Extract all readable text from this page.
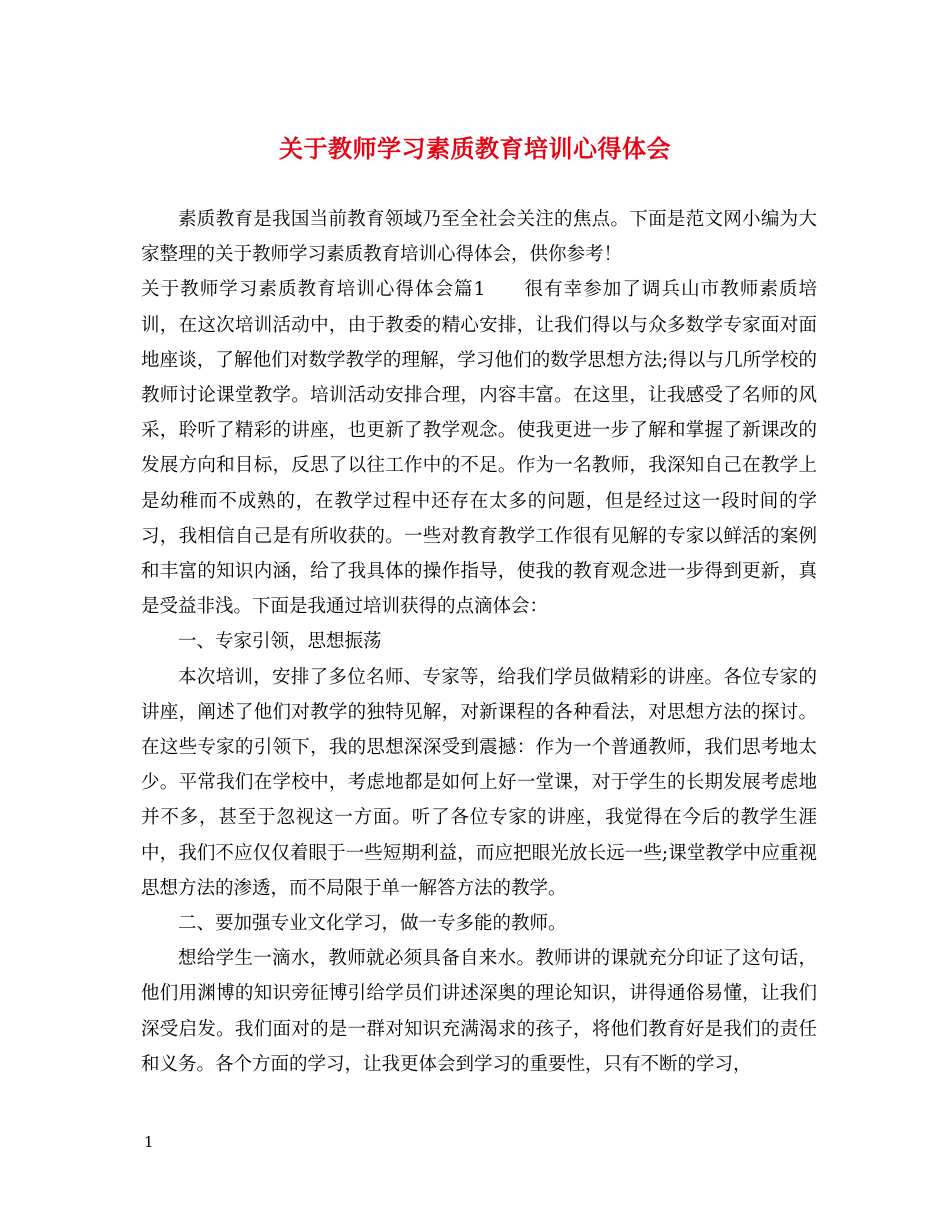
关于教师学习素质教育培训心得体会

素质教育是我国当前教育领域乃至全社会关注的焦点。下面是范文网小编为大家整理的关于教师学习素质教育培训心得体会，供你参考！

关于教师学习素质教育培训心得体会篇1 很有幸参加了调兵山市教师素质培训，在这次培训活动中，由于教委的精心安排，让我们得以与众多数学专家面对面地座谈，了解他们对数学教学的理解，学习他们的数学思想方法;得以与几所学校的教师讨论课堂教学。培训活动安排合理，内容丰富。在这里，让我感受了名师的风采，聆听了精彩的讲座，也更新了教学观念。使我更进一步了解和掌握了新课改的发展方向和目标，反思了以往工作中的不足。作为一名教师，我深知自己在教学上是幼稚而不成熟的，在教学过程中还存在太多的问题，但是经过这一段时间的学习，我相信自己是有所收获的。一些对教育教学工作很有见解的专家以鲜活的案例和丰富的知识内涵，给了我具体的操作指导，使我的教育观念进一步得到更新，真是受益非浅。下面是我通过培训获得的点滴体会：

一、专家引领，思想振荡

本次培训，安排了多位名师、专家等，给我们学员做精彩的讲座。各位专家的讲座，阐述了他们对教学的独特见解，对新课程的各种看法，对思想方法的探讨。在这些专家的引领下，我的思想深深受到震撼：作为一个普通教师，我们思考地太少。平常我们在学校中，考虑地都是如何上好一堂课，对于学生的长期发展考虑地并不多，甚至于忽视这一方面。听了各位专家的讲座，我觉得在今后的教学生涯中，我们不应仅仅着眼于一些短期利益，而应把眼光放长远一些;课堂教学中应重视思想方法的渗透，而不局限于单一解答方法的教学。

二、要加强专业文化学习，做一专多能的教师。

想给学生一滴水，教师就必须具备自来水。教师讲的课就充分印证了这句话，他们用渊博的知识旁征博引给学员们讲述深奥的理论知识，讲得通俗易懂，让我们深受启发。我们面对的是一群对知识充满渴求的孩子，将他们教育好是我们的责任和义务。各个方面的学习，让我更体会到学习的重要性，只有不断的学习，

1
